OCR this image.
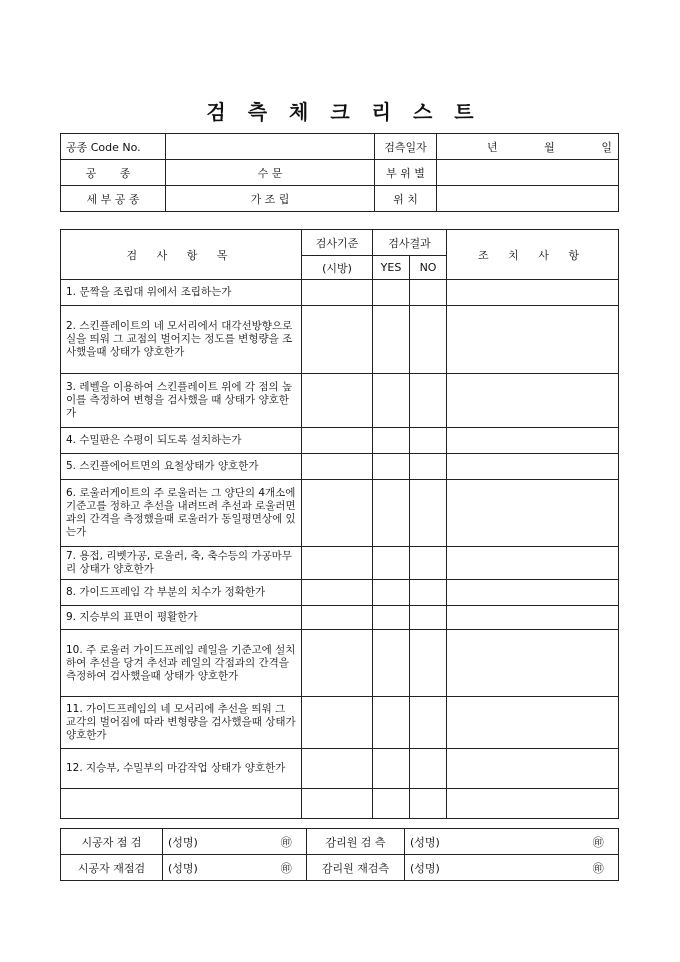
검측체크리스트
공종 Code No.		검측일자	년 월 일

공 종	수 문	부 위 별	
세 부 공 종	가 조 립	위 치	
검 사 항 목	검사기준	검사결과		조 치 사 항
	(시방)	YES	NO	
1. 문짝을 조립대 위에서 조립하는가				
2. 스킨플레이트의 네 모서리에서 대각선방향으로 실을 띄워 그 교점의 벌어지는 정도를 변형량을 조사했을때 상태가 양호한가				
3. 레벨을 이용하여 스킨플레이트 위에 각 점의 높이를 측정하여 변형을 검사했을 때 상태가 양호한가				
4. 수밀판은 수평이 되도록 설치하는가				
5. 스킨플에어트면의 요철상태가 양호한가				
6. 로울러게이트의 주 로울러는 그 양단의 4개소에 기준고를 정하고 추선을 내려뜨려 추선과 로울러면과의 간격을 측정했을때 로울러가 동일평면상에 있는가				
7. 용접, 리벳가공, 로울러, 축, 축수등의 가공마무리 상태가 양호한가				
8. 가이드프레임 각 부분의 치수가 정확한가				
9. 지승부의 표면이 평활한가				
10. 주 로울러 가이드프레임 레일을 기준고에 설치하여 추선을 당겨 추선과 레일의 각점과의 간격을 측정하여 검사했을때 상태가 양호한가				
11. 가이드프레임의 네 모서리에 추선을 띄워 그 교각의 벌어짐에 따라 변형량을 검사했을때 상태가 양호한가				
12. 지승부, 수밀부의 마감작업 상태가 양호한가				

시공자 점 검	(성명)	㊞	감리원 검 측	(성명)	㊞
시공자 재점검	(성명)	㊞	감리원 재검측	(성명)	㊞
